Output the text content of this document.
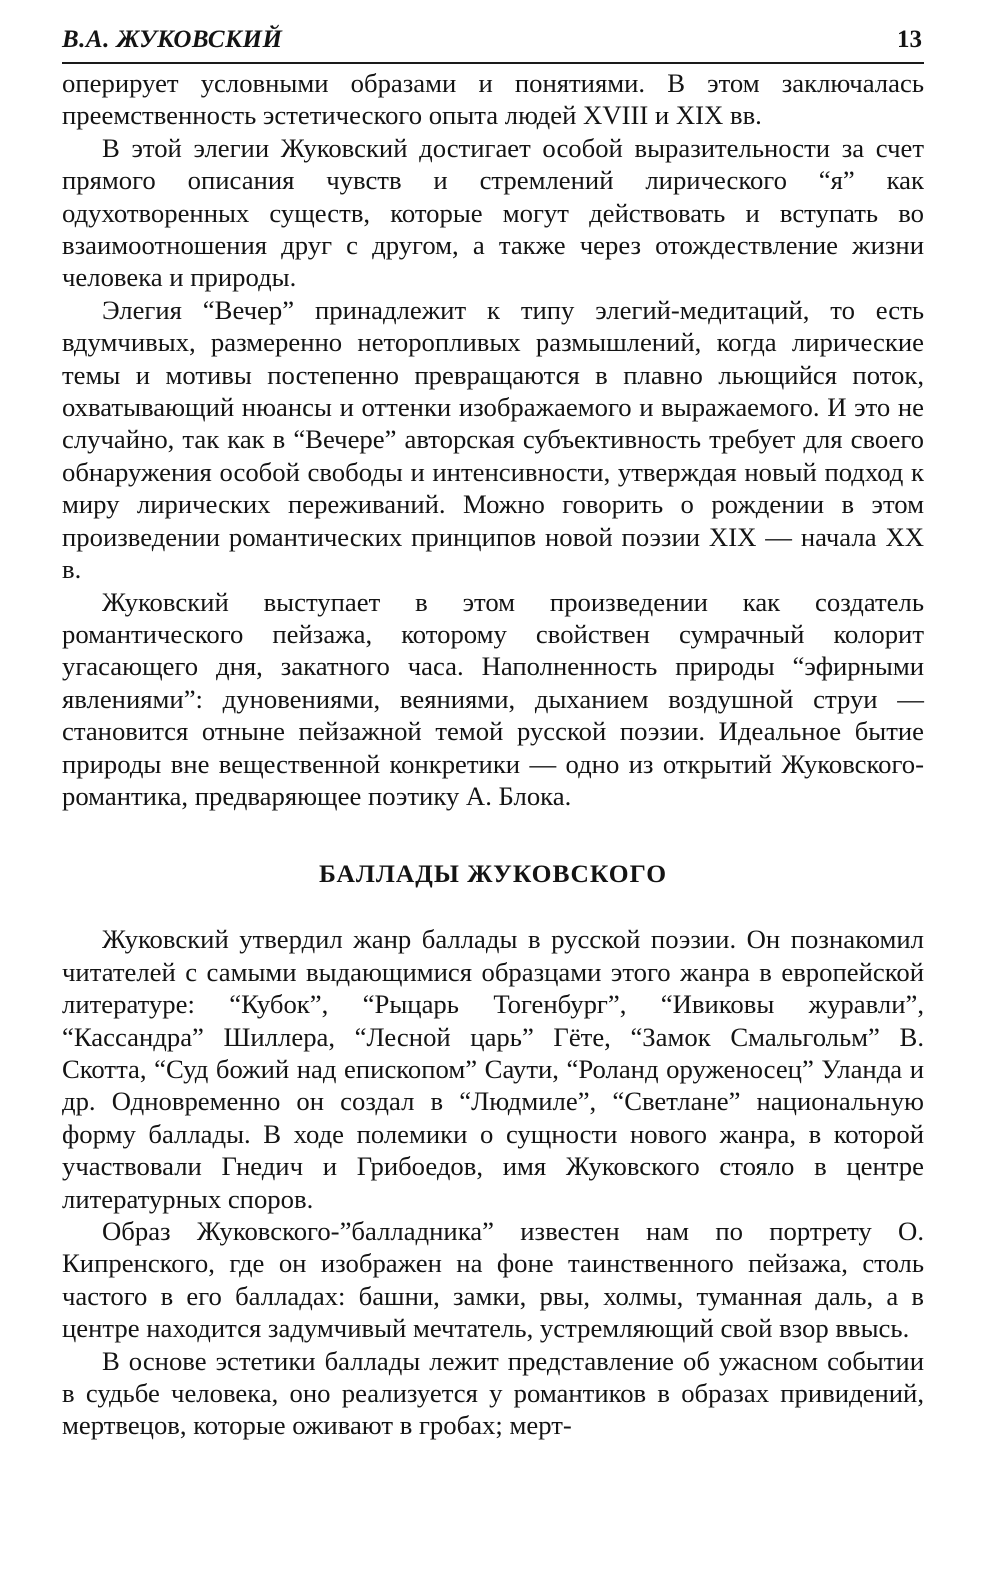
В.А. ЖУКОВСКИЙ	13

оперирует условными образами и понятиями. В этом заключалась преемственность эстетического опыта людей XVIII и XIX вв.

В этой элегии Жуковский достигает особой выразительности за счет прямого описания чувств и стремлений лирического “я” как одухотворенных существ, которые могут действовать и вступать во взаимоотношения друг с другом, а также через отождествление жизни человека и природы.

Элегия “Вечер” принадлежит к типу элегий-медитаций, то есть вдумчивых, размеренно неторопливых размышлений, когда лирические темы и мотивы постепенно превращаются в плавно льющийся поток, охватывающий нюансы и оттенки изображаемого и выражаемого. И это не случайно, так как в “Вечере” авторская субъективность требует для своего обнаружения особой свободы и интенсивности, утверждая новый подход к миру лирических переживаний. Можно говорить о рождении в этом произведении романтических принципов новой поэзии XIX — начала XX в.

Жуковский выступает в этом произведении как создатель романтического пейзажа, которому свойствен сумрачный колорит угасающего дня, закатного часа. Наполненность природы “эфирными явлениями”: дуновениями, веяниями, дыханием воздушной струи — становится отныне пейзажной темой русской поэзии. Идеальное бытие природы вне вещественной конкретики — одно из открытий Жуковского-романтика, предваряющее поэтику А. Блока.

БАЛЛАДЫ ЖУКОВСКОГО

Жуковский утвердил жанр баллады в русской поэзии. Он познакомил читателей с самыми выдающимися образцами этого жанра в европейской литературе: “Кубок”, “Рыцарь Тогенбург”, “Ивиковы журавли”, “Кассандра” Шиллера, “Лесной царь” Гёте, “Замок Смальгольм” В. Скотта, “Суд божий над епископом” Саути, “Роланд оруженосец” Уланда и др. Одновременно он создал в “Людмиле”, “Светлане” национальную форму баллады. В ходе полемики о сущности нового жанра, в которой участвовали Гнедич и Грибоедов, имя Жуковского стояло в центре литературных споров.

Образ Жуковского-”балладника” известен нам по портрету О. Кипренского, где он изображен на фоне таинственного пейзажа, столь частого в его балладах: башни, замки, рвы, холмы, туманная даль, а в центре находится задумчивый мечтатель, устремляющий свой взор ввысь.

В основе эстетики баллады лежит представление об ужасном событии в судьбе человека, оно реализуется у романтиков в образах привидений, мертвецов, которые оживают в гробах; мерт-
